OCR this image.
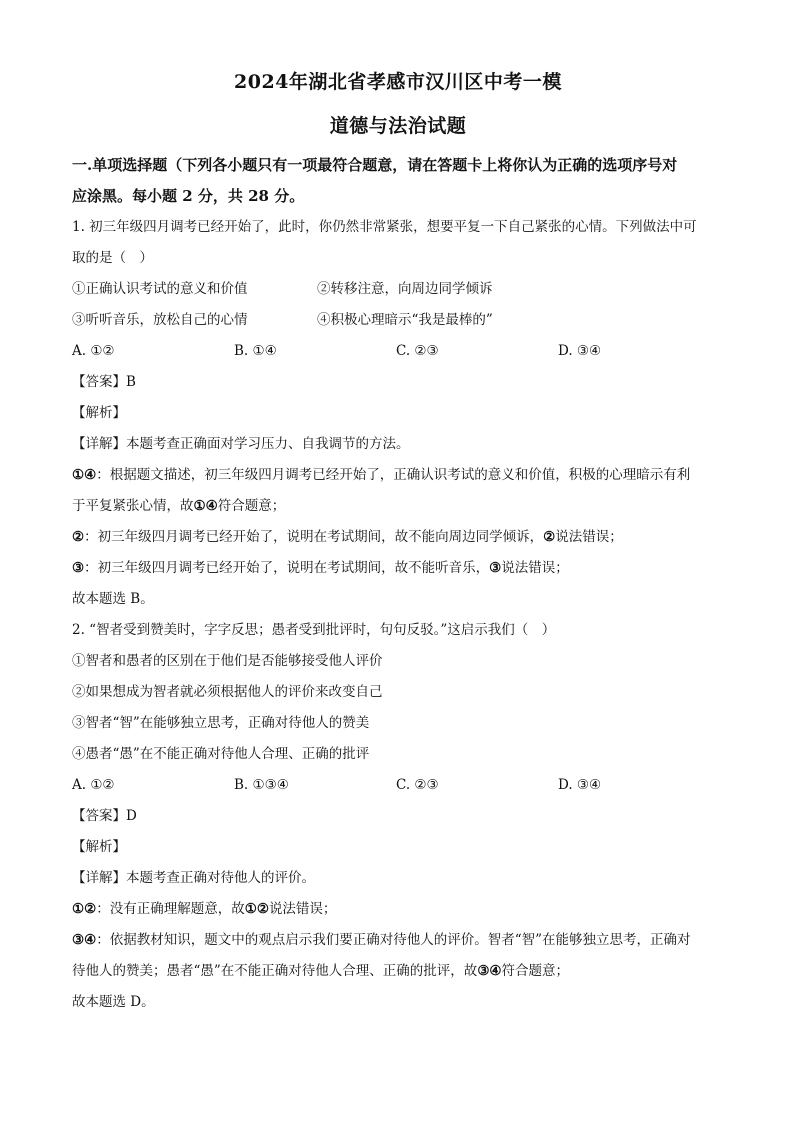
2024年湖北省孝感市汉川区中考一模
道德与法治试题

一.单项选择题（下列各小题只有一项最符合题意，请在答题卡上将你认为正确的选项序号对

应涂黑。每小题 2 分，共 28 分。

1. 初三年级四月调考已经开始了，此时，你仍然非常紧张，想要平复一下自己紧张的心情。下列做法中可

取的是（　）

①正确认识考试的意义和价值	②转移注意，向周边同学倾诉
③听听音乐，放松自己的心情	④积极心理暗示“我是最棒的”
A. ①②	B. ①④	C. ②③	D. ③④

【答案】B

【解析】

【详解】本题考查正确面对学习压力、自我调节的方法。

①④：根据题文描述，初三年级四月调考已经开始了，正确认识考试的意义和价值，积极的心理暗示有利

于平复紧张心情，故①④符合题意；

②：初三年级四月调考已经开始了，说明在考试期间，故不能向周边同学倾诉，②说法错误；

③：初三年级四月调考已经开始了，说明在考试期间，故不能听音乐，③说法错误；

故本题选 B。

2. “智者受到赞美时，字字反思；愚者受到批评时，句句反驳。”这启示我们（　）

①智者和愚者的区别在于他们是否能够接受他人评价

②如果想成为智者就必须根据他人的评价来改变自己

③智者“智”在能够独立思考，正确对待他人的赞美

④愚者“愚”在不能正确对待他人合理、正确的批评

A. ①②	B. ①③④	C. ②③	D. ③④

【答案】D

【解析】

【详解】本题考查正确对待他人的评价。

①②：没有正确理解题意，故①②说法错误；

③④：依据教材知识，题文中的观点启示我们要正确对待他人的评价。智者“智”在能够独立思考，正确对

待他人的赞美；愚者“愚”在不能正确对待他人合理、正确的批评，故③④符合题意；

故本题选 D。
